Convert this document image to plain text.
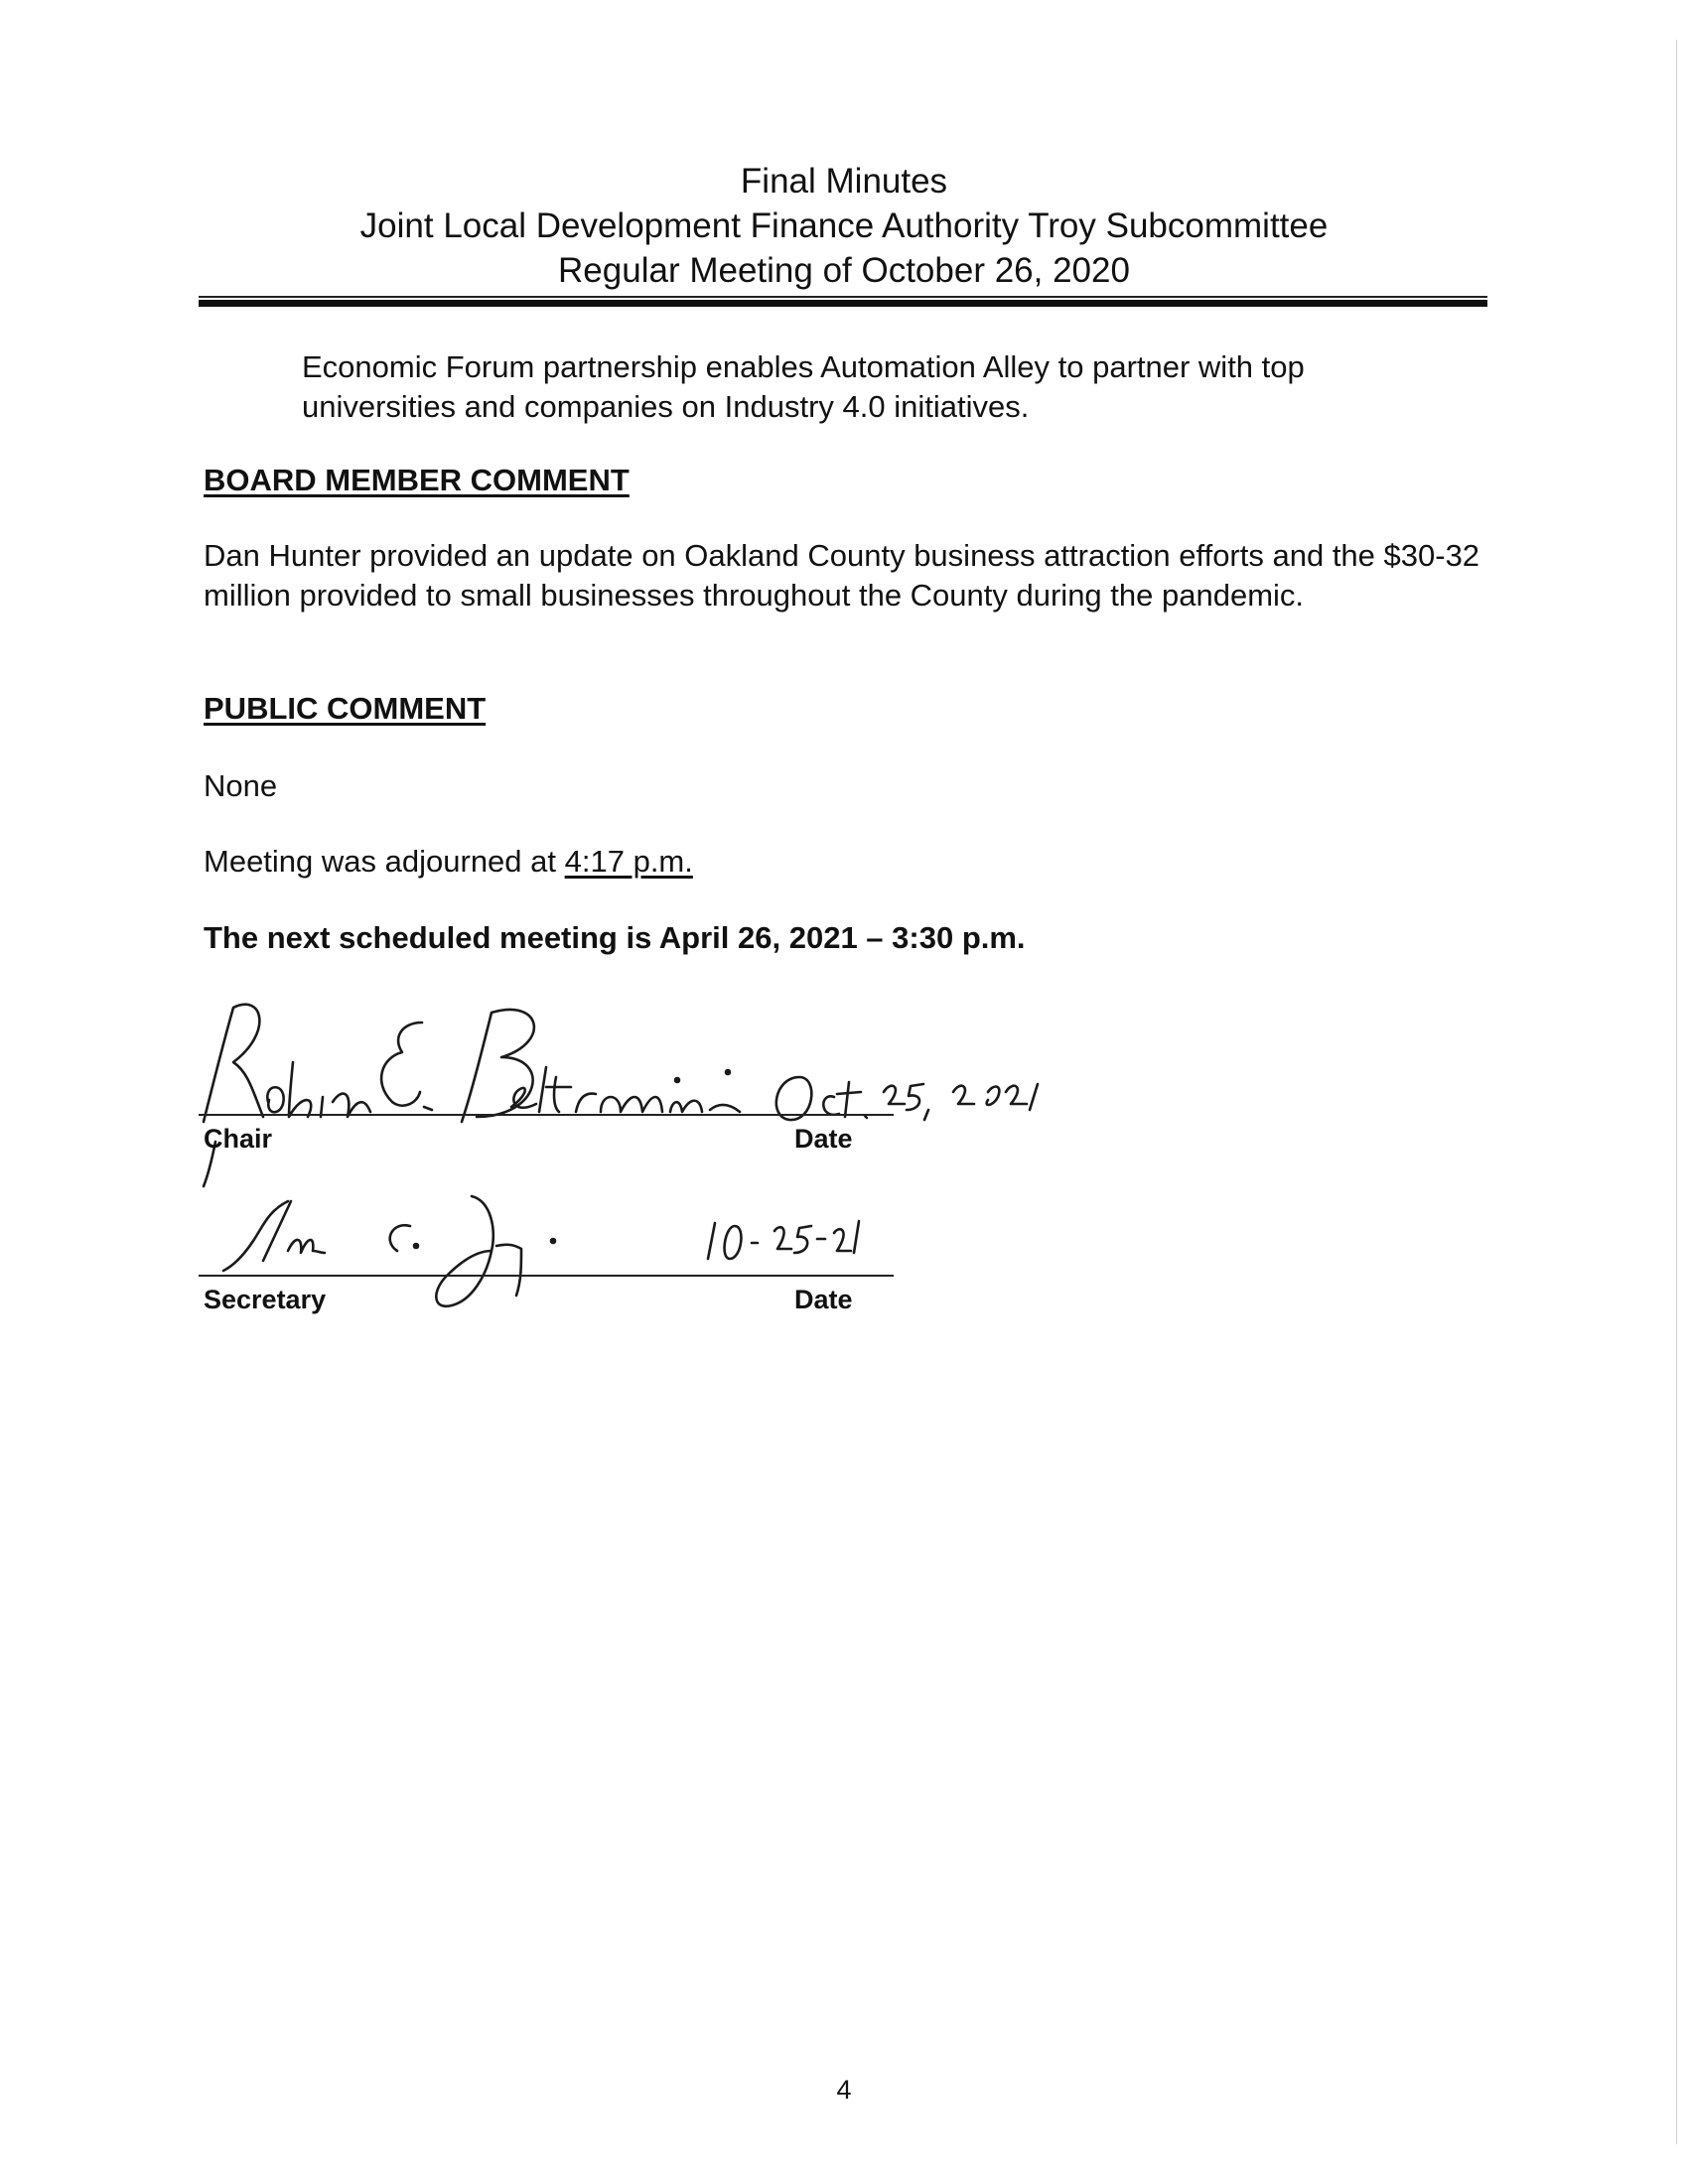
Final Minutes
Joint Local Development Finance Authority Troy Subcommittee
Regular Meeting of October 26, 2020
Economic Forum partnership enables Automation Alley to partner with top universities and companies on Industry 4.0 initiatives.
BOARD MEMBER COMMENT
Dan Hunter provided an update on Oakland County business attraction efforts and the $30-32 million provided to small businesses throughout the County during the pandemic.
PUBLIC COMMENT
None
Meeting was adjourned at 4:17 p.m.
The next scheduled meeting is April 26, 2021 – 3:30 p.m.
Chair	Date
Secretary	Date
4
